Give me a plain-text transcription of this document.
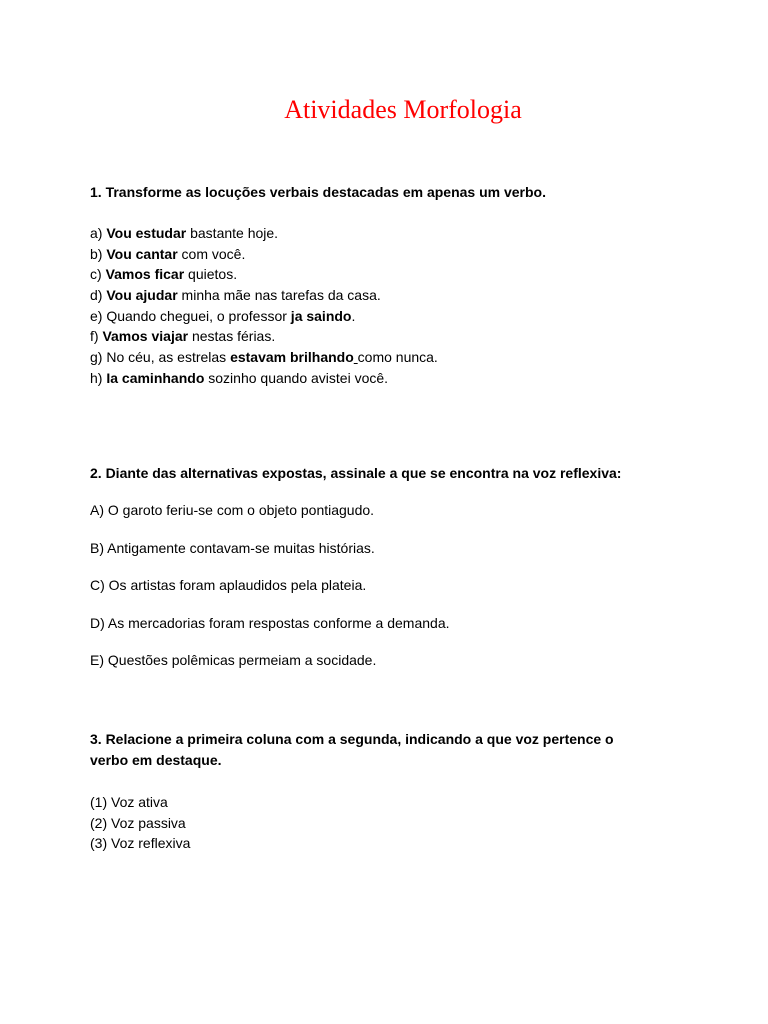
Atividades Morfologia
1. Transforme as locuções verbais destacadas em apenas um verbo.
a) Vou estudar bastante hoje.
b) Vou cantar com você.
c) Vamos ficar quietos.
d) Vou ajudar minha mãe nas tarefas da casa.
e) Quando cheguei, o professor ja saindo.
f) Vamos viajar nestas férias.
g) No céu, as estrelas estavam brilhando como nunca.
h) Ia caminhando sozinho quando avistei você.
2. Diante das alternativas expostas, assinale a que se encontra na voz reflexiva:
A) O garoto feriu-se com o objeto pontiagudo.
B) Antigamente contavam-se muitas histórias.
C) Os artistas foram aplaudidos pela plateia.
D) As mercadorias foram respostas conforme a demanda.
E) Questões polêmicas permeiam a socidade.
3. Relacione a primeira coluna com a segunda, indicando a que voz pertence o
verbo em destaque.
(1) Voz ativa
(2) Voz passiva
(3) Voz reflexiva
